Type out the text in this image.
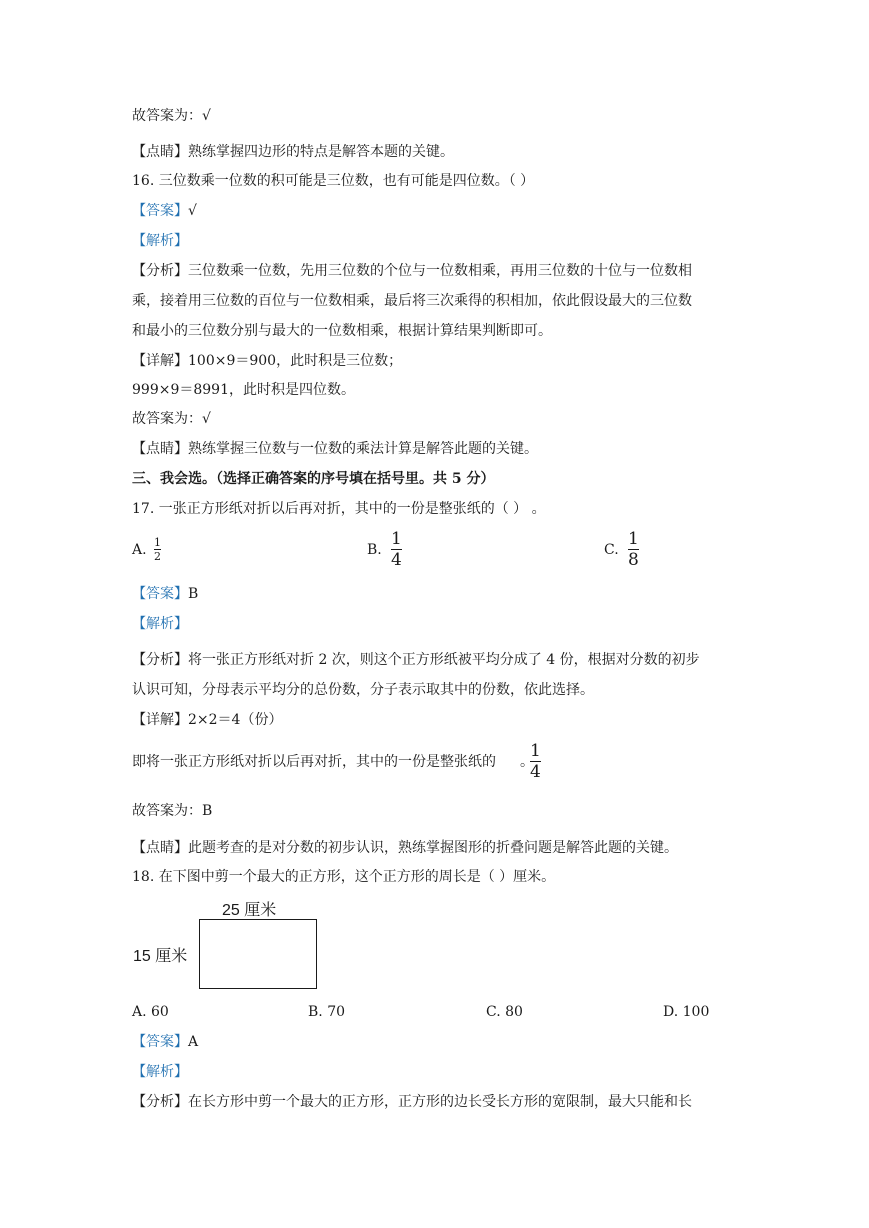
故答案为：√
【点睛】熟练掌握四边形的特点是解答本题的关键。
16. 三位数乘一位数的积可能是三位数，也有可能是四位数。（ ）
【答案】√
【解析】
【分析】三位数乘一位数，先用三位数的个位与一位数相乘，再用三位数的十位与一位数相
乘，接着用三位数的百位与一位数相乘，最后将三次乘得的积相加，依此假设最大的三位数
和最小的三位数分别与最大的一位数相乘，根据计算结果判断即可。
【详解】100×9＝900，此时积是三位数；
999×9＝8991，此时积是四位数。
故答案为：√
【点睛】熟练掌握三位数与一位数的乘法计算是解答此题的关键。
三、我会选。（选择正确答案的序号填在括号里。共 5 分）
17. 一张正方形纸对折以后再对折，其中的一份是整张纸的（ ） 。
A. 1
2	B.
1
4	C.
1
8
【答案】B
【解析】
【分析】将一张正方形纸对折 2 次，则这个正方形纸被平均分成了 4 份，根据对分数的初步
认识可知，分母表示平均分的总份数，分子表示取其中的份数，依此选择。
【详解】2×2＝4（份）
即将一张正方形纸对折以后再对折，其中的一份是整张纸的 。
1
4
故答案为：B
【点睛】此题考查的是对分数的初步认识，熟练掌握图形的折叠问题是解答此题的关键。
18. 在下图中剪一个最大的正方形，这个正方形的周长是（ ）厘米。
25 厘米
15 厘米
A. 60	B. 70	C. 80	D. 100
【答案】A
【解析】
【分析】在长方形中剪一个最大的正方形，正方形的边长受长方形的宽限制，最大只能和长
